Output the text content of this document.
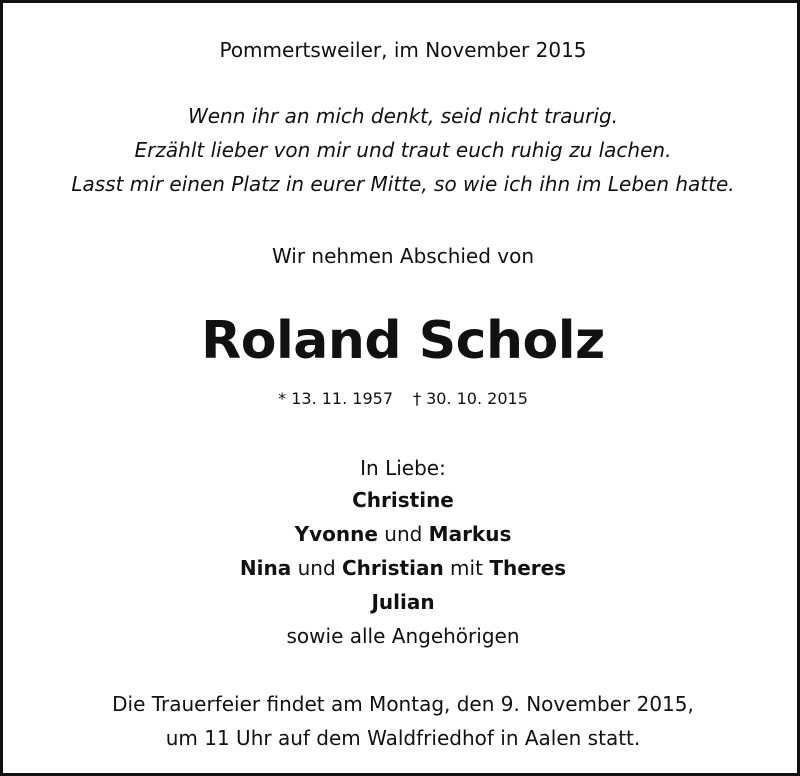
Pommertsweiler, im November 2015
Wenn ihr an mich denkt, seid nicht traurig.
Erzählt lieber von mir und traut euch ruhig zu lachen.
Lasst mir einen Platz in eurer Mitte, so wie ich ihn im Leben hatte.
Wir nehmen Abschied von
Roland Scholz
* 13. 11. 1957 † 30. 10. 2015
In Liebe:
Christine
Yvonne und Markus
Nina und Christian mit Theres
Julian
sowie alle Angehörigen
Die Trauerfeier findet am Montag, den 9. November 2015,
um 11 Uhr auf dem Waldfriedhof in Aalen statt.
